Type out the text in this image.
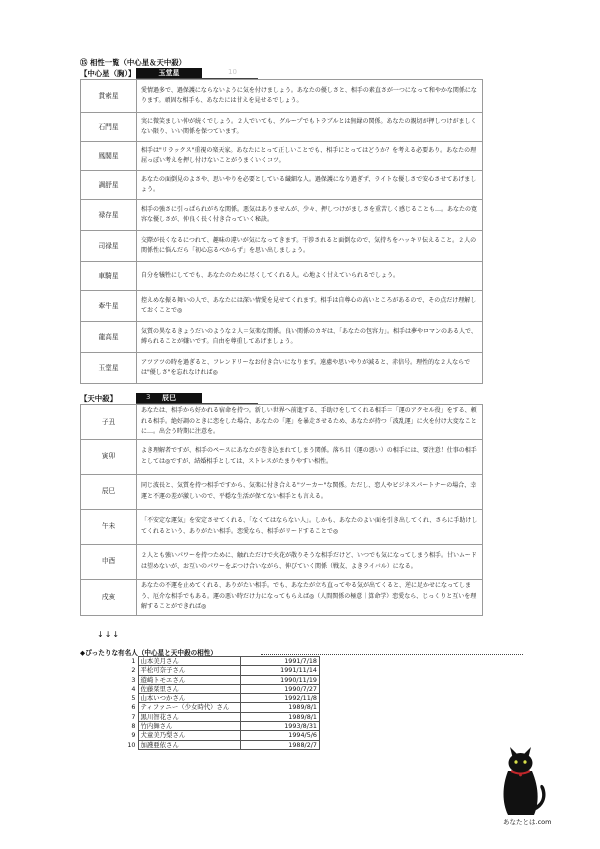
⑮ 相性一覧（中心星＆天中殺）
【中心星（胸）】	玉堂星	10
貫索星	愛情過多で、過保護にならないように気を付けましょう。あなたの優しさと、相手の素直さが一つになって和やかな関係になります。頑固な相手も、あなたには甘えを見せるでしょう。
石門星	実に微笑ましい仲が続くでしょう。２人でいても、グループでもトラブルとは無縁の関係。あなたの親切が押しつけがましくない限り、いい関係を保つています。
鳳閣星	相手は"リラックス"重視の楽天家。あなたにとって正しいことでも、相手にとってはどうか？を考える必要あり。あなたの理屈っぽい考えを押し付けないことがうまくいくコツ。
調舒星	あなたの面倒見のよさや、思いやりを必要としている繊細な人。過保護になり過ぎず、ライトな優しさで安心させてあげましょう。
禄存星	相手の強さに引っぱられがちな関係。悪気はありませんが、少々、押しつけがましさを重苦しく感じることも…。あなたの寛容な優しさが、仲良く長く付き合っていく秘訣。
司禄星	交際が長くなるにつれて、趣味の違いが気になってきます。干渉されると面倒なので、気持ちをハッキリ伝えること。２人の関係性に悩んだら「初心忘るべからず」を思い出しましょう。
車騎星	自分を犠牲にしてでも、あなたのために尽くしてくれる人。心地よく甘えていられるでしょう。
牽牛星	控えめな振る舞いの人で、あなたには深い情愛を見せてくれます。相手は自尊心の高いところがあるので、その点だけ理解しておくことで◎
龍高星	気質の異なるきょうだいのような２人＝気楽な関係。良い関係のカギは、「あなたの包容力」。相手は夢やロマンのある人で、縛られることが嫌いです。自由を尊重してあげましょう。
玉堂星	アツアツの時を過ぎると、フレンドリーなお付き合いになります。遠慮や思いやりが減ると、赤信号。理性的な２人ならでは"優しさ"を忘れなければ◎
【天中殺】	辰巳
3
子丑	あなたは、相手から好かれる宿命を持つ。新しい世界へ前進する、手助けをしてくれる相手＝「運のアクセル役」をする、頼れる相手。絶好調のときに恋をした場合、あなたの「運」を暴走させるため、あなたが持つ「波乱運」に火を付け大変なことに…。出会う時期に注意を。
寅卯	よき理解者ですが、相手のペースにあなたが巻き込まれてしまう関係。落ち目（運の悪い）の相手には、要注意！仕事の相手としては◎ですが、結婚相手としては、ストレスがたまりやすい相性。
辰巳	同じ波長と、気質を持つ相手ですから、気楽に付き合える"ツーカー"な関係。ただし、恋人やビジネスパートナーの場合、幸運と不運の差が激しいので、平穏な生活が保てない相手とも言える。
午未	「不安定な運気」を安定させてくれる、「なくてはならない人」。しかも、あなたのよい面を引き出してくれ、さらに手助けしてくれるという、ありがたい相手。恋愛なら、相手がリードすることで◎
申酉	２人とも強いパワーを持つために、触れただけで火花が散りそうな相手だけど、いつでも気になってしまう相手。甘いムードは望めないが、お互いのパワーをぶつけ合いながら、伸びていく関係（戦友、よきライバル）になる。
戌亥	あなたの不運を止めてくれる、ありがたい相手。でも、あなたが立ち直ってやる気が出てくると、逆に足かせになってしまう、厄介な相手でもある。運の悪い時だけ力になってもらえば◎（人間関係の極意｜算命学）恋愛なら、じっくりと互いを理解することができれば◎
↓↓↓
◆ぴったりな有名人（中心星と天中殺の相性）
1	山本美月さん	1991/7/18
2	平松可奈子さん	1991/11/14
3	遊崎トモエさん	1990/11/19
4	佐藤栞里さん	1990/7/27
5	山本いつかさん	1992/11/8
6	ティファニー（少女時代）さん	1989/8/1
7	黒川智花さん	1989/8/1
8	竹内舞さん	1993/8/31
9	犬童美乃梨さん	1994/5/6
10	加護亜依さん	1988/2/7
あなたとは.com
